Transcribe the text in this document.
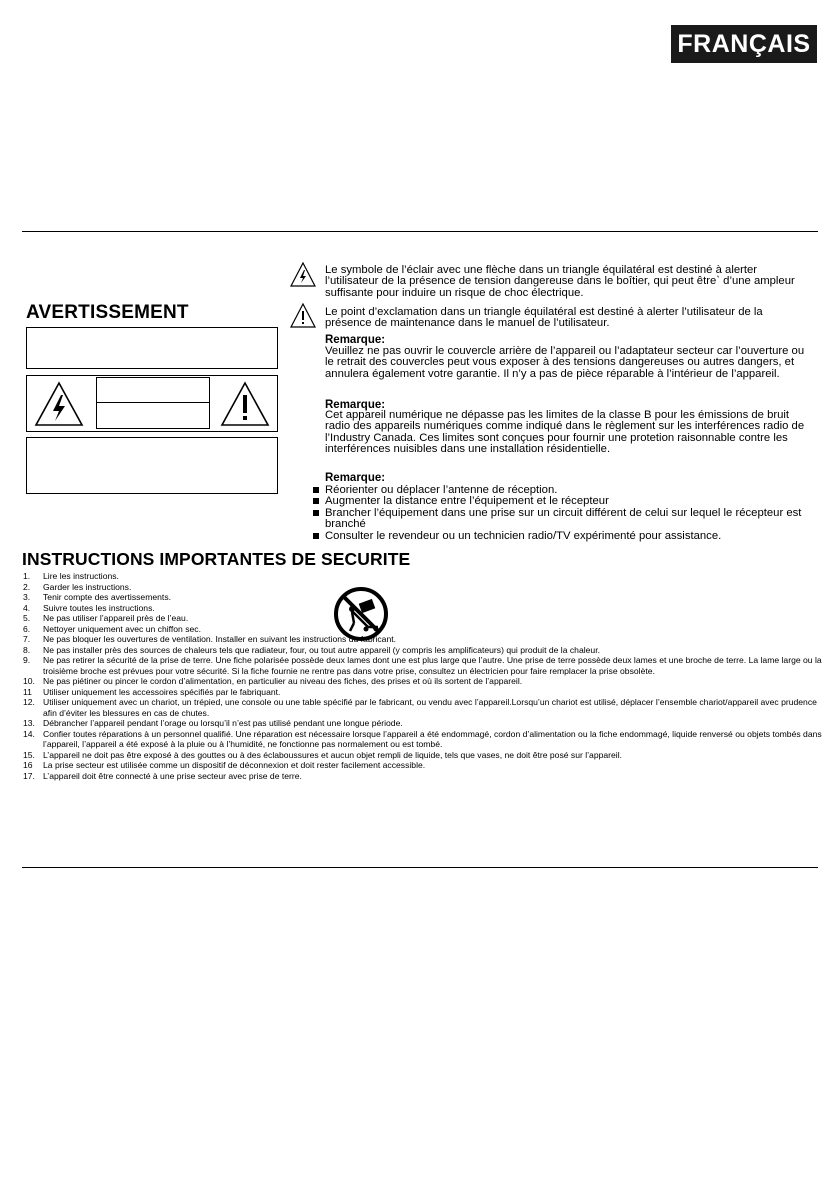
FRANÇAIS
AVERTISSEMENT
Le symbole de l’éclair avec une flèche dans un triangle équilatéral est destiné à alerter l’utilisateur de la présence de tension dangereuse dans le boîtier, qui peut être` d’une ampleur suffisante pour induire un risque de choc électrique.
Le point d’exclamation dans un triangle équilatéral est destiné à alerter l’utilisateur de la présence de maintenance dans le manuel de l’utilisateur.
Remarque:
Veuillez ne pas ouvrir le couvercle arrière de l’appareil ou l’adaptateur secteur car l’ouverture ou le retrait des couvercles peut vous exposer à des tensions dangereuses ou autres dangers, et annulera également votre garantie. Il n’y a pas de pièce réparable à l’intérieur de l’appareil.
Remarque:
Cet appareil numérique ne dépasse pas les limites de la classe B pour les émissions de bruit radio des appareils numériques comme indiqué dans le règlement sur les interférences radio de l’Industry Canada. Ces limites sont conçues pour fournir une protetion raisonnable contre les interférences nuisibles dans une installation résidentielle.
Remarque:
Réorienter ou déplacer l’antenne de réception.
Augmenter la distance entre l’équipement et le récepteur
Brancher l’équipement dans une prise sur un circuit différent de celui sur lequel le récepteur est branché
Consulter le revendeur ou un technicien radio/TV expérimenté pour assistance.
INSTRUCTIONS IMPORTANTES DE SECURITE
1. Lire les instructions.
2. Garder les instructions.
3. Tenir compte des avertissements.
4. Suivre toutes les instructions.
5. Ne pas utiliser l’appareil près de l’eau.
6. Nettoyer uniquement avec un chiffon sec.
7. Ne pas bloquer les ouvertures de ventilation. Installer en suivant les instructions du fabricant.
8. Ne pas installer près des sources de chaleurs tels que radiateur, four, ou tout autre appareil (y compris les amplificateurs) qui produit de la chaleur.
9. Ne pas retirer la sécurité de la prise de terre. Une fiche polarisée possède deux lames dont une est plus large que l’autre. Une prise de terre possède deux lames et une broche de terre. La lame large ou la troisième broche est prévues pour votre sécurité. Si la fiche fournie ne rentre pas dans votre prise, consultez un électricien pour faire remplacer la prise obsolète.
10. Ne pas piétiner ou pincer le cordon d’alimentation, en particulier au niveau des fiches, des prises et où ils sortent de l’appareil.
11 Utiliser uniquement les accessoires spécifiés par le fabriquant.
12. Utiliser uniquement avec un chariot, un trépied, une console ou une table spécifié par le fabricant, ou vendu avec l’appareil.Lorsqu’un chariot est utilisé, déplacer l’ensemble chariot/appareil avec prudence afin d’éviter les blessures en cas de chutes.
13. Débrancher l’appareil pendant l’orage ou lorsqu’il n’est pas utilisé pendant une longue période.
14. Confier toutes réparations à un personnel qualifié. Une réparation est nécessaire lorsque l’appareil a été endommagé, cordon d’alimentation ou la fiche endommagé, liquide renversé ou objets tombés dans l’appareil, l’appareil a été exposé à la pluie ou à l’humidité, ne fonctionne pas normalement ou est tombé.
15. L’appareil ne doit pas être exposé à des gouttes ou à des éclaboussures et aucun objet rempli de liquide, tels que vases, ne doit être posé sur l’appareil.
16 La prise secteur est utilisée comme un dispositif de déconnexion et doit rester facilement accessible.
17. L’appareil doit être connecté à une prise secteur avec prise de terre.
